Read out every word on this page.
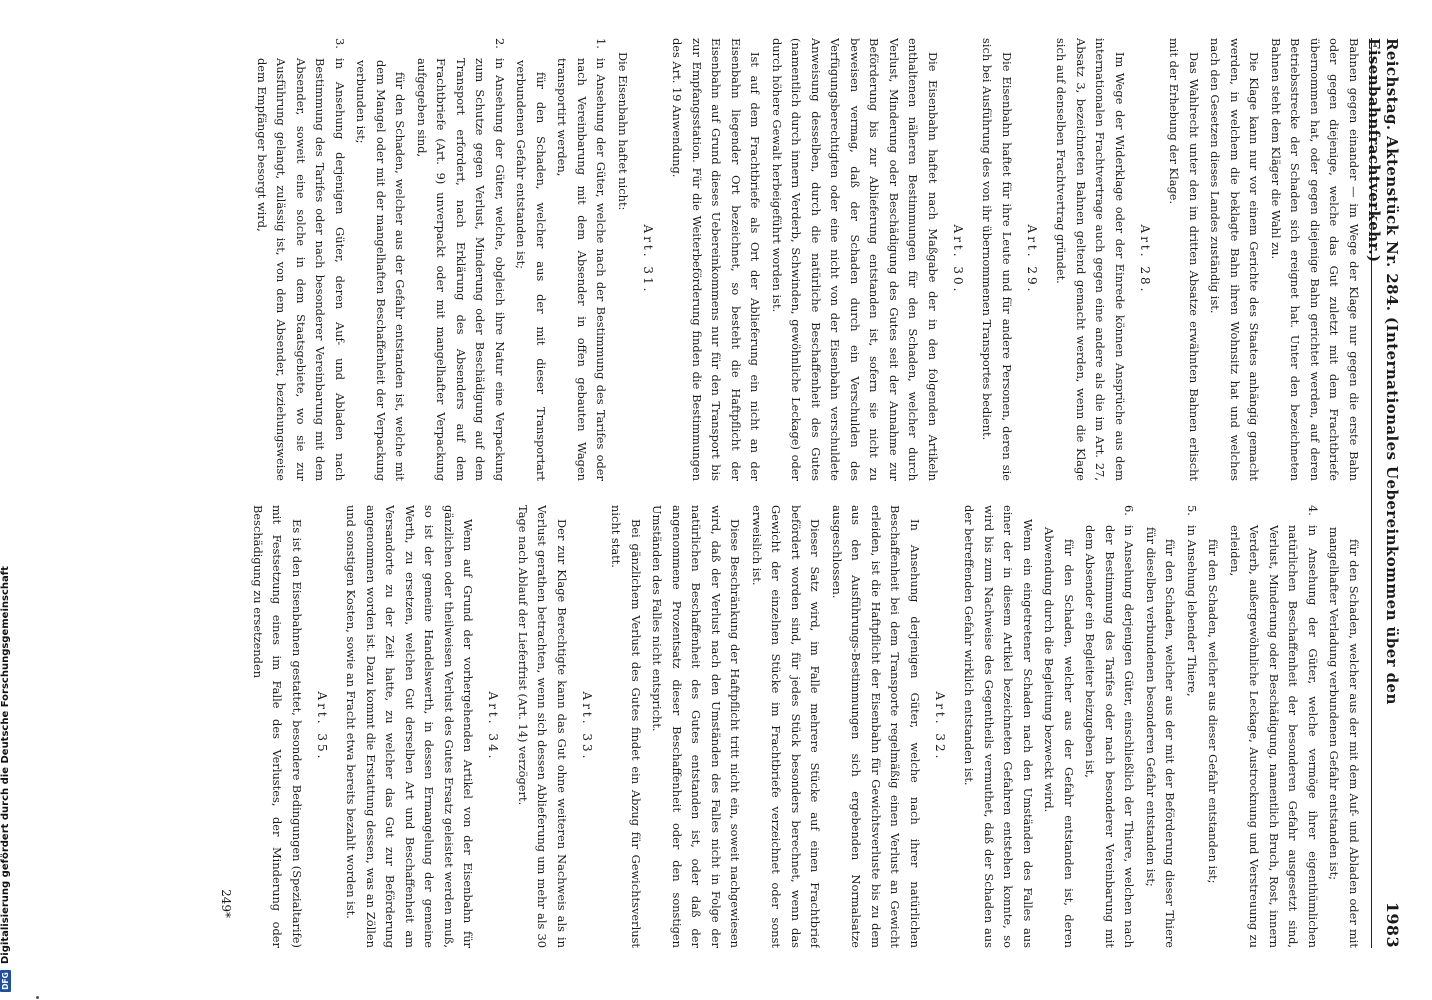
Reichstag. Aktenstück Nr. 284. (Internationales Uebereinkommen über den Eisenbahnfrachtverkehr.)
1983

Bahnen gegen einander — im Wege der Klage nur gegen die erste Bahn oder gegen diejenige, welche das Gut zuletzt mit dem Frachtbriefe übernommen hat, oder gegen diejenige Bahn gerichtet werden, auf deren Betriebsstrecke der Schaden sich ereignet hat. Unter den bezeichneten Bahnen steht dem Kläger die Wahl zu.

Die Klage kann nur vor einem Gerichte des Staates anhängig gemacht werden, in welchem die beklagte Bahn ihren Wohnsitz hat und welches nach den Gesetzen dieses Landes zuständig ist.

Das Wahlrecht unter den im dritten Absatze erwähnten Bahnen erlischt mit der Erhebung der Klage.

Art. 28.

Im Wege der Widerklage oder der Einrede können Ansprüche aus dem internationalen Frachtvertrage auch gegen eine andere als die im Art. 27, Absatz 3, bezeichneten Bahnen geltend gemacht werden, wenn die Klage sich auf denselben Frachtvertrag gründet.

Art. 29.

Die Eisenbahn haftet für ihre Leute und für andere Personen, deren sie sich bei Ausführung des von ihr übernommenen Transportes bedient.

Art. 30.

Die Eisenbahn haftet nach Maßgabe der in den folgenden Artikeln enthaltenen näheren Bestimmungen für den Schaden, welcher durch Verlust, Minderung oder Beschädigung des Gutes seit der Annahme zur Beförderung bis zur Ablieferung entstanden ist, sofern sie nicht zu beweisen vermag, daß der Schaden durch ein Verschulden des Verfügungsberechtigten oder eine nicht von der Eisenbahn verschuldete Anweisung desselben, durch die natürliche Beschaffenheit des Gutes (namentlich durch innern Verderb, Schwinden, gewöhnliche Leckage) oder durch höhere Gewalt herbeigeführt worden ist.

Ist auf dem Frachtbriefe als Ort der Ablieferung ein nicht an der Eisenbahn liegender Ort bezeichnet, so besteht die Haftpflicht der Eisenbahn auf Grund dieses Uebereinkommens nur für den Transport bis zur Empfangsstation. Für die Weiterbeförderung finden die Bestimmungen des Art. 19 Anwendung.

Art. 31.

Die Eisenbahn haftet nicht:

1.
in Ansehung der Güter, welche nach der Bestimmung des Tarifes oder nach Vereinbarung mit dem Absender in offen gebauten Wagen transportirt werden,
für den Schaden, welcher aus der mit dieser Transportart verbundenen Gefahr entstanden ist;
2.
in Ansehung der Güter, welche, obgleich ihre Natur eine Verpackung zum Schutze gegen Verlust, Minderung oder Beschädigung auf dem Transport erfordert, nach Erklärung des Absenders auf dem Frachtbriefe (Art. 9) unverpackt oder mit mangelhafter Verpackung aufgegeben sind,
für den Schaden, welcher aus der Gefahr entstanden ist, welche mit dem Mangel oder mit der mangelhaften Beschaffenheit der Verpackung verbunden ist;
3.
in Ansehung derjenigen Güter, deren Auf- und Abladen nach Bestimmung des Tarifes oder nach besonderer Vereinbarung mit dem Absender, soweit eine solche in dem Staatsgebiete, wo sie zur Ausführung gelangt, zulässig ist, von dem Absender, beziehungsweise dem Empfänger besorgt wird,
für den Schaden, welcher aus der mit dem Auf- und Abladen oder mit mangelhafter Verladung verbundenen Gefahr entstanden ist;
4.
in Ansehung der Güter, welche vermöge ihrer eigenthümlichen natürlichen Beschaffenheit der besonderen Gefahr ausgesetzt sind, Verlust, Minderung oder Beschädigung, namentlich Bruch, Rost, innern Verderb, außergewöhnliche Leckage, Austrocknung und Verstreuung zu erleiden,
für den Schaden, welcher aus dieser Gefahr entstanden ist;
5.
in Ansehung lebender Thiere,
für den Schaden, welcher aus der mit der Beförderung dieser Thiere für dieselben verbundenen besonderen Gefahr entstanden ist;
6.
in Ansehung derjenigen Güter, einschließlich der Thiere, welchen nach der Bestimmung des Tarifes oder nach besonderer Vereinbarung mit dem Absender ein Begleiter beizugeben ist,
für den Schaden, welcher aus der Gefahr entstanden ist, deren Abwendung durch die Begleitung bezweckt wird.

Wenn ein eingetretener Schaden nach den Umständen des Falles aus einer der in diesem Artikel bezeichneten Gefahren entstehen konnte, so wird bis zum Nachweise des Gegentheils vermuthet, daß der Schaden aus der betreffenden Gefahr wirklich entstanden ist.

Art. 32.

In Ansehung derjenigen Güter, welche nach ihrer natürlichen Beschaffenheit bei dem Transporte regelmäßig einen Verlust an Gewicht erleiden, ist die Haftpflicht der Eisenbahn für Gewichtsverluste bis zu dem aus den Ausführungs-Bestimmungen sich ergebenden Normalsatze ausgeschlossen.

Dieser Satz wird, im Falle mehrere Stücke auf einen Frachtbrief befördert worden sind, für jedes Stück besonders berechnet, wenn das Gewicht der einzelnen Stücke im Frachtbriefe verzeichnet oder sonst erweislich ist.

Diese Beschränkung der Haftpflicht tritt nicht ein, soweit nachgewiesen wird, daß der Verlust nach den Umständen des Falles nicht in Folge der natürlichen Beschaffenheit des Gutes entstanden ist, oder daß der angenommene Prozentsatz dieser Beschaffenheit oder den sonstigen Umständen des Falles nicht entspricht.

Bei gänzlichem Verlust des Gutes findet ein Abzug für Gewichtsverlust nicht statt.

Art. 33.

Der zur Klage Berechtigte kann das Gut ohne weiteren Nachweis als in Verlust gerathen betrachten, wenn sich dessen Ablieferung um mehr als 30 Tage nach Ablauf der Lieferfrist (Art. 14) verzögert.

Art. 34.

Wenn auf Grund der vorhergehenden Artikel von der Eisenbahn für gänzlichen oder theilweisen Verlust des Gutes Ersatz geleistet werden muß, so ist der gemeine Handelswerth, in dessen Ermangelung der gemeine Werth, zu ersetzen, welchen Gut derselben Art und Beschaffenheit am Versandorte zu der Zeit hatte, zu welcher das Gut zur Beförderung angenommen worden ist. Dazu kommt die Erstattung dessen, was an Zöllen und sonstigen Kosten, sowie an Fracht etwa bereits bezahlt worden ist.

Art. 35.

Es ist den Eisenbahnen gestattet, besondere Bedingungen (Spezialtarife) mit Festsetzung eines im Falle des Verlustes, der Minderung oder Beschädigung zu ersetzenden

249*
DFG
Digitalisierung gefördert durch die Deutsche Forschungsgemeinschaft
